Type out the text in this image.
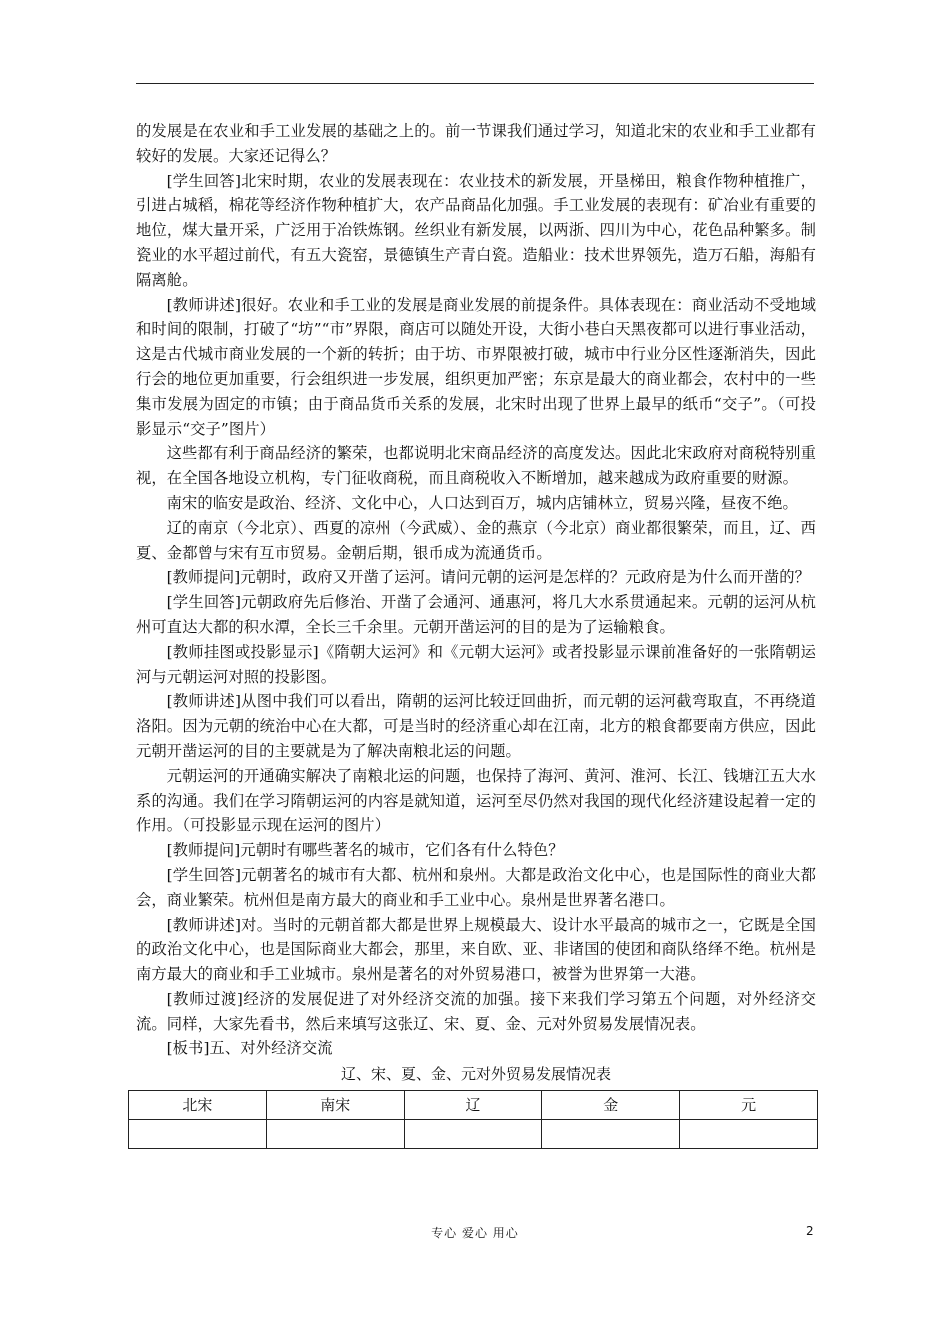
的发展是在农业和手工业发展的基础之上的。前一节课我们通过学习，知道北宋的农业和手工业都有较好的发展。大家还记得么？

[学生回答]北宋时期，农业的发展表现在：农业技术的新发展，开垦梯田，粮食作物种植推广，引进占城稻，棉花等经济作物种植扩大，农产品商品化加强。手工业发展的表现有：矿冶业有重要的地位，煤大量开采，广泛用于冶铁炼钢。丝织业有新发展，以两浙、四川为中心，花色品种繁多。制瓷业的水平超过前代，有五大瓷窑，景德镇生产青白瓷。造船业：技术世界领先，造万石船，海船有隔离舱。

[教师讲述]很好。农业和手工业的发展是商业发展的前提条件。具体表现在：商业活动不受地域和时间的限制，打破了“坊”“市”界限，商店可以随处开设，大街小巷白天黑夜都可以进行事业活动，这是古代城市商业发展的一个新的转折；由于坊、市界限被打破，城市中行业分区性逐渐消失，因此行会的地位更加重要，行会组织进一步发展，组织更加严密；东京是最大的商业都会，农村中的一些集市发展为固定的市镇；由于商品货币关系的发展，北宋时出现了世界上最早的纸币“交子”。（可投影显示“交子”图片）

这些都有利于商品经济的繁荣，也都说明北宋商品经济的高度发达。因此北宋政府对商税特别重视，在全国各地设立机构，专门征收商税，而且商税收入不断增加，越来越成为政府重要的财源。

南宋的临安是政治、经济、文化中心，人口达到百万，城内店铺林立，贸易兴隆，昼夜不绝。

辽的南京（今北京）、西夏的凉州（今武威）、金的燕京（今北京）商业都很繁荣，而且，辽、西夏、金都曾与宋有互市贸易。金朝后期，银币成为流通货币。

[教师提问]元朝时，政府又开凿了运河。请问元朝的运河是怎样的？元政府是为什么而开凿的？

[学生回答]元朝政府先后修治、开凿了会通河、通惠河，将几大水系贯通起来。元朝的运河从杭州可直达大都的积水潭，全长三千余里。元朝开凿运河的目的是为了运输粮食。

[教师挂图或投影显示]《隋朝大运河》和《元朝大运河》或者投影显示课前准备好的一张隋朝运河与元朝运河对照的投影图。

[教师讲述]从图中我们可以看出，隋朝的运河比较迂回曲折，而元朝的运河截弯取直，不再绕道洛阳。因为元朝的统治中心在大都，可是当时的经济重心却在江南，北方的粮食都要南方供应，因此元朝开凿运河的目的主要就是为了解决南粮北运的问题。

元朝运河的开通确实解决了南粮北运的问题，也保持了海河、黄河、淮河、长江、钱塘江五大水系的沟通。我们在学习隋朝运河的内容是就知道，运河至尽仍然对我国的现代化经济建设起着一定的作用。（可投影显示现在运河的图片）

[教师提问]元朝时有哪些著名的城市，它们各有什么特色？

[学生回答]元朝著名的城市有大都、杭州和泉州。大都是政治文化中心，也是国际性的商业大都会，商业繁荣。杭州但是南方最大的商业和手工业中心。泉州是世界著名港口。

[教师讲述]对。当时的元朝首都大都是世界上规模最大、设计水平最高的城市之一，它既是全国的政治文化中心，也是国际商业大都会，那里，来自欧、亚、非诸国的使团和商队络绎不绝。杭州是南方最大的商业和手工业城市。泉州是著名的对外贸易港口，被誉为世界第一大港。

[教师过渡]经济的发展促进了对外经济交流的加强。接下来我们学习第五个问题，对外经济交流。同样，大家先看书，然后来填写这张辽、宋、夏、金、元对外贸易发展情况表。

[板书]五、对外经济交流

辽、宋、夏、金、元对外贸易发展情况表
北宋	南宋	辽	金	元

专心 爱心 用心	2
